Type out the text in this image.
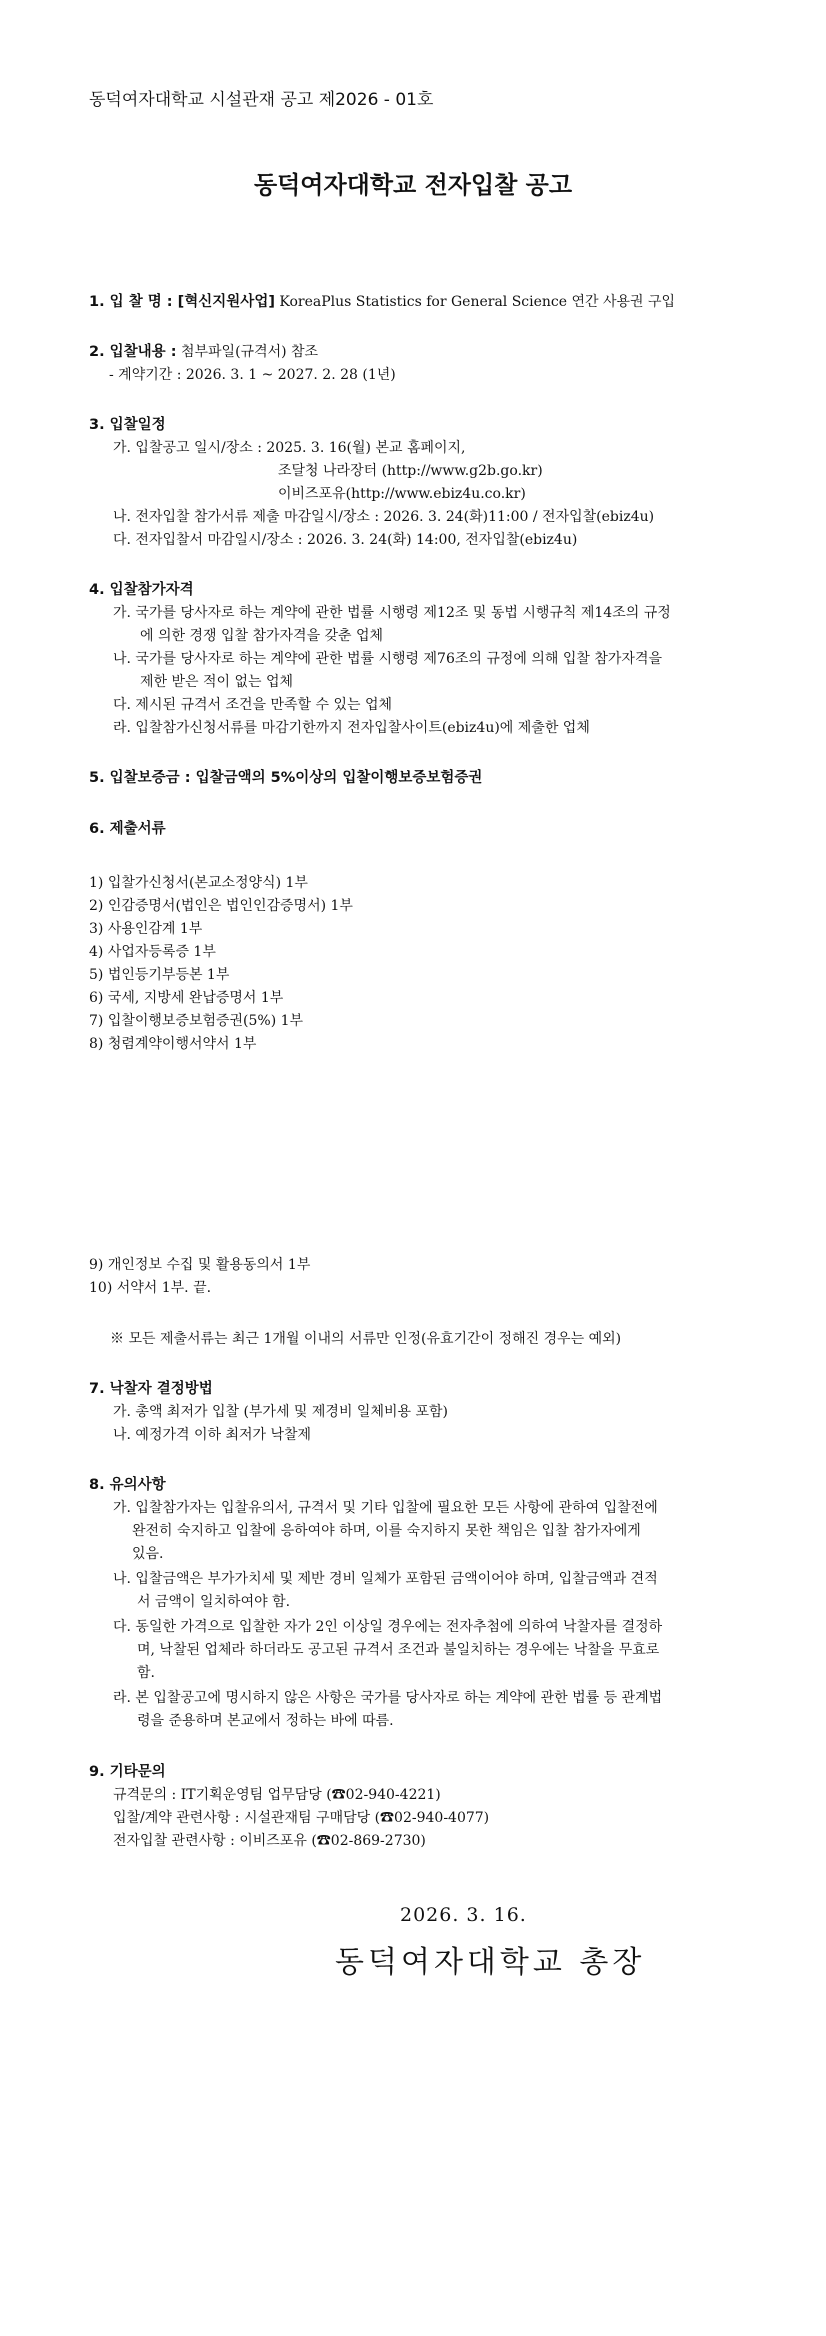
동덕여자대학교 시설관재 공고 제2026 - 01호
동덕여자대학교 전자입찰 공고
1. 입 찰 명 : [혁신지원사업] KoreaPlus Statistics for General Science 연간 사용권 구입
2. 입찰내용 : 첨부파일(규격서) 참조
- 계약기간 : 2026. 3. 1 ~ 2027. 2. 28 (1년)
3. 입찰일정
가. 입찰공고 일시/장소 : 2025. 3. 16(월) 본교 홈페이지,
조달청 나라장터 (http://www.g2b.go.kr)
이비즈포유(http://www.ebiz4u.co.kr)
나. 전자입찰 참가서류 제출 마감일시/장소 : 2026. 3. 24(화)11:00 / 전자입찰(ebiz4u)
다. 전자입찰서 마감일시/장소 : 2026. 3. 24(화) 14:00, 전자입찰(ebiz4u)
4. 입찰참가자격
가. 국가를 당사자로 하는 계약에 관한 법률 시행령 제12조 및 동법 시행규칙 제14조의 규정
에 의한 경쟁 입찰 참가자격을 갖춘 업체
나. 국가를 당사자로 하는 계약에 관한 법률 시행령 제76조의 규정에 의해 입찰 참가자격을
제한 받은 적이 없는 업체
다. 제시된 규격서 조건을 만족할 수 있는 업체
라. 입찰참가신청서류를 마감기한까지 전자입찰사이트(ebiz4u)에 제출한 업체
5. 입찰보증금 : 입찰금액의 5%이상의 입찰이행보증보험증권
6. 제출서류
1) 입찰가신청서(본교소정양식) 1부
2) 인감증명서(법인은 법인인감증명서) 1부
3) 사용인감계 1부
4) 사업자등록증 1부
5) 법인등기부등본 1부
6) 국세, 지방세 완납증명서 1부
7) 입찰이행보증보험증권(5%) 1부
8) 청렴계약이행서약서 1부
9) 개인정보 수집 및 활용동의서 1부
10) 서약서 1부. 끝.
※ 모든 제출서류는 최근 1개월 이내의 서류만 인정(유효기간이 정해진 경우는 예외)
7. 낙찰자 결정방법
가. 총액 최저가 입찰 (부가세 및 제경비 일체비용 포함)
나. 예정가격 이하 최저가 낙찰제
8. 유의사항
가. 입찰참가자는 입찰유의서, 규격서 및 기타 입찰에 필요한 모든 사항에 관하여 입찰전에
완전히 숙지하고 입찰에 응하여야 하며, 이를 숙지하지 못한 책임은 입찰 참가자에게
있음.
나. 입찰금액은 부가가치세 및 제반 경비 일체가 포함된 금액이어야 하며, 입찰금액과 견적
서 금액이 일치하여야 함.
다. 동일한 가격으로 입찰한 자가 2인 이상일 경우에는 전자추첨에 의하여 낙찰자를 결정하
며, 낙찰된 업체라 하더라도 공고된 규격서 조건과 불일치하는 경우에는 낙찰을 무효로
함.
라. 본 입찰공고에 명시하지 않은 사항은 국가를 당사자로 하는 계약에 관한 법률 등 관계법
령을 준용하며 본교에서 정하는 바에 따름.
9. 기타문의
규격문의 : IT기획운영팀 업무담당 (☎02-940-4221)
입찰/계약 관련사항 : 시설관재팀 구매담당 (☎02-940-4077)
전자입찰 관련사항 : 이비즈포유 (☎02-869-2730)
2026. 3. 16.
동덕여자대학교 총장
